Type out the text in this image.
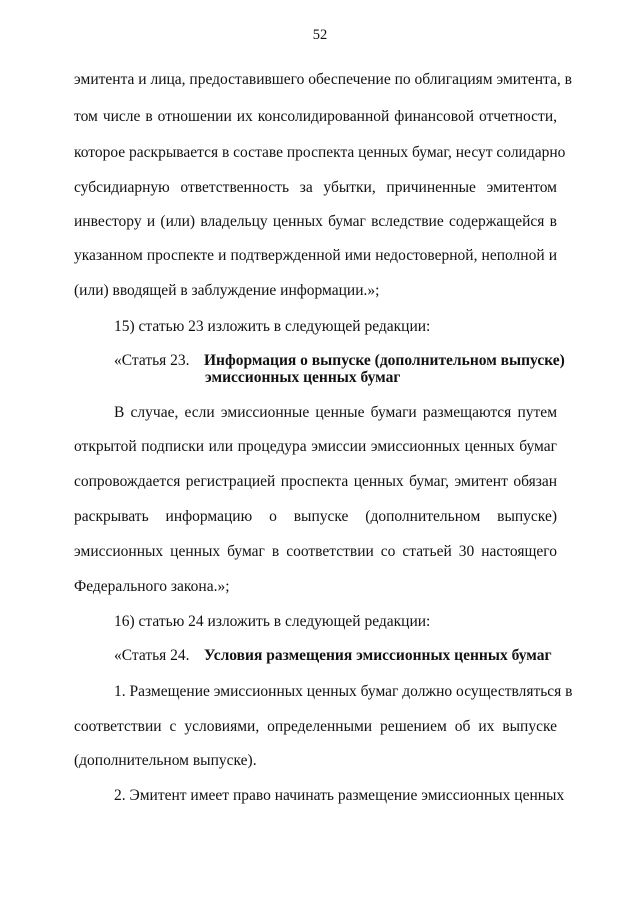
52
эмитента и лица, предоставившего обеспечение по облигациям эмитента, в
том числе в отношении их консолидированной финансовой отчетности,
которое раскрывается в составе проспекта ценных бумаг, несут солидарно
субсидиарную ответственность за убытки, причиненные эмитентом
инвестору и (или) владельцу ценных бумаг вследствие содержащейся в
указанном проспекте и подтвержденной ими недостоверной, неполной и
(или) вводящей в заблуждение информации.»;
15) статью 23 изложить в следующей редакции:
«Статья 23. Информация о выпуске (дополнительном выпуске)
эмиссионных ценных бумаг
В случае, если эмиссионные ценные бумаги размещаются путем
открытой подписки или процедура эмиссии эмиссионных ценных бумаг
сопровождается регистрацией проспекта ценных бумаг, эмитент обязан
раскрывать информацию о выпуске (дополнительном выпуске)
эмиссионных ценных бумаг в соответствии со статьей 30 настоящего
Федерального закона.»;
16) статью 24 изложить в следующей редакции:
«Статья 24. Условия размещения эмиссионных ценных бумаг
1. Размещение эмиссионных ценных бумаг должно осуществляться в
соответствии с условиями, определенными решением об их выпуске
(дополнительном выпуске).
2. Эмитент имеет право начинать размещение эмиссионных ценных
